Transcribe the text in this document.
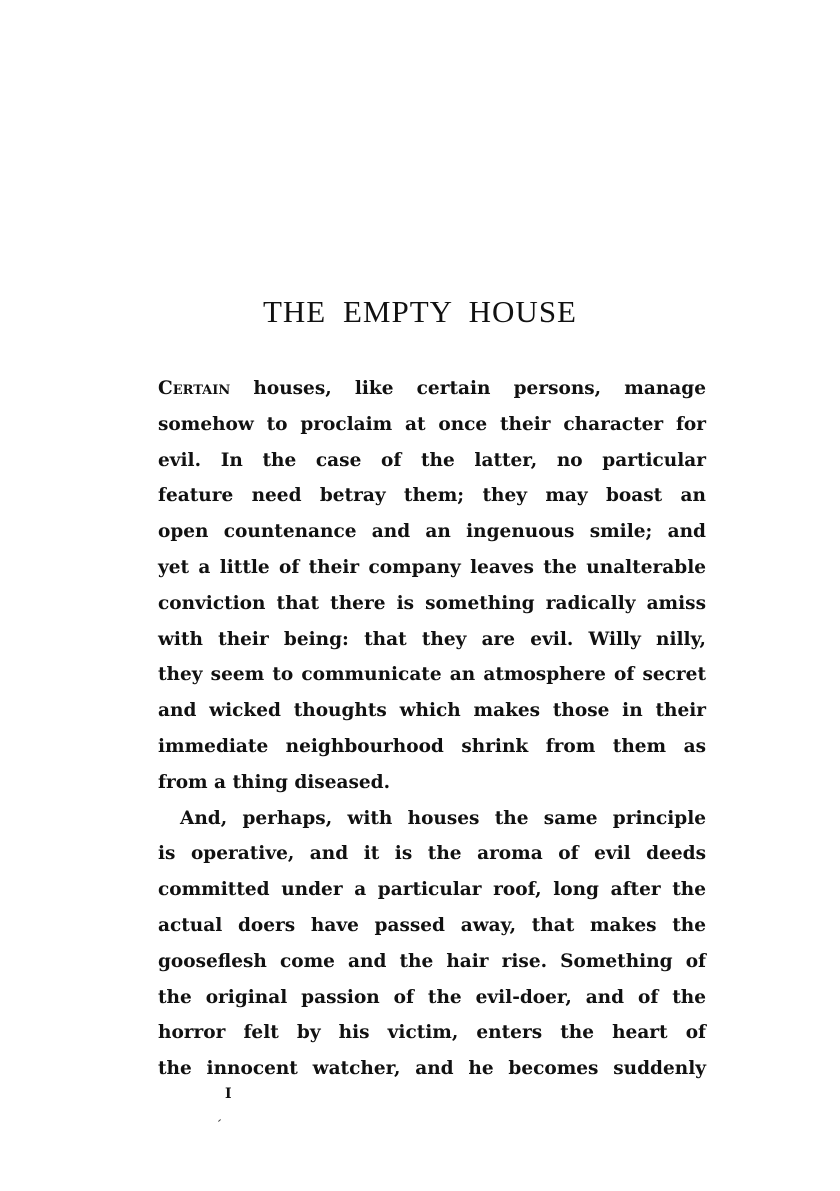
THE EMPTY HOUSE
Certain houses, like certain persons, manage
somehow to proclaim at once their character for
evil. In the case of the latter, no particular
feature need betray them; they may boast an
open countenance and an ingenuous smile; and
yet a little of their company leaves the unalterable
conviction that there is something radically amiss
with their being: that they are evil. Willy nilly,
they seem to communicate an atmosphere of secret
and wicked thoughts which makes those in their
immediate neighbourhood shrink from them as
from a thing diseased.
And, perhaps, with houses the same principle
is operative, and it is the aroma of evil deeds
committed under a particular roof, long after the
actual doers have passed away, that makes the
gooseflesh come and the hair rise. Something of
the original passion of the evil-doer, and of the
horror felt by his victim, enters the heart of
the innocent watcher, and he becomes suddenly
I
